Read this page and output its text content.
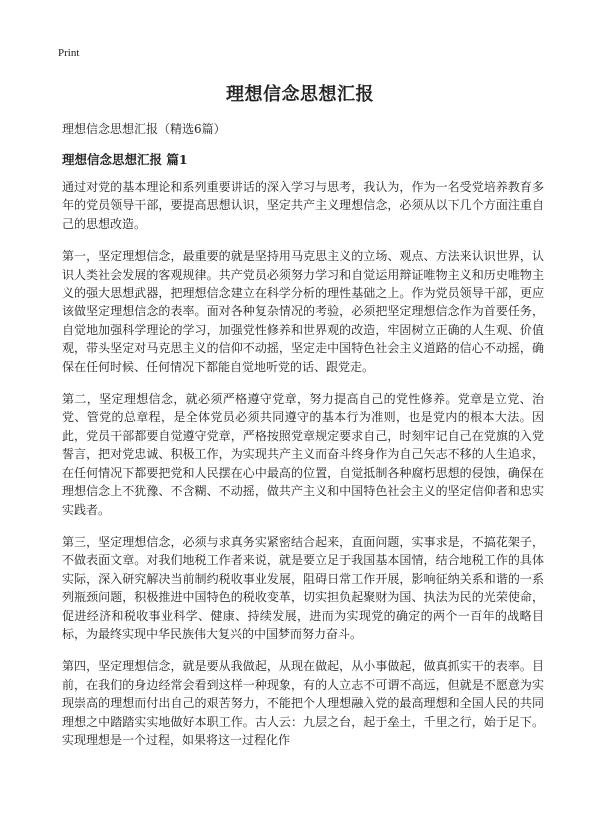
Print
理想信念思想汇报

理想信念思想汇报（精选6篇）

理想信念思想汇报 篇1

通过对党的基本理论和系列重要讲话的深入学习与思考，我认为，作为一名受党培养教育多年的党员领导干部，要提高思想认识，坚定共产主义理想信念，必须从以下几个方面注重自己的思想改造。

第一，坚定理想信念，最重要的就是坚持用马克思主义的立场、观点、方法来认识世界，认识人类社会发展的客观规律。共产党员必须努力学习和自觉运用辩证唯物主义和历史唯物主义的强大思想武器，把理想信念建立在科学分析的理性基础之上。作为党员领导干部，更应该做坚定理想信念的表率。面对各种复杂情况的考验，必须把坚定理想信念作为首要任务，自觉地加强科学理论的学习，加强党性修养和世界观的改造，牢固树立正确的人生观、价值观，带头坚定对马克思主义的信仰不动摇，坚定走中国特色社会主义道路的信心不动摇，确保在任何时候、任何情况下都能自觉地听党的话、跟党走。

第二，坚定理想信念，就必须严格遵守党章，努力提高自己的党性修养。党章是立党、治党、管党的总章程，是全体党员必须共同遵守的基本行为准则，也是党内的根本大法。因此，党员干部都要自觉遵守党章，严格按照党章规定要求自己，时刻牢记自己在党旗的入党誓言，把对党忠诚、积极工作，为实现共产主义而奋斗终身作为自己矢志不移的人生追求，在任何情况下都要把党和人民摆在心中最高的位置，自觉抵制各种腐朽思想的侵蚀，确保在理想信念上不犹豫、不含糊、不动摇，做共产主义和中国特色社会主义的坚定信仰者和忠实实践者。

第三，坚定理想信念，必须与求真务实紧密结合起来，直面问题，实事求是，不搞花架子，不做表面文章。对我们地税工作者来说，就是要立足于我国基本国情，结合地税工作的具体实际，深入研究解决当前制约税收事业发展，阻碍日常工作开展，影响征纳关系和谐的一系列瓶颈问题，积极推进中国特色的税收变革，切实担负起聚财为国、执法为民的光荣使命，促进经济和税收事业科学、健康、持续发展，进而为实现党的确定的两个一百年的战略目标，为最终实现中华民族伟大复兴的中国梦而努力奋斗。

第四，坚定理想信念，就是要从我做起，从现在做起，从小事做起，做真抓实干的表率。目前，在我们的身边经常会看到这样一种现象，有的人立志不可谓不高远，但就是不愿意为实现崇高的理想而付出自己的艰苦努力，不能把个人理想融入党的最高理想和全国人民的共同理想之中踏踏实实地做好本职工作。古人云：九层之台，起于垒土，千里之行，始于足下。实现理想是一个过程，如果将这一过程化作
